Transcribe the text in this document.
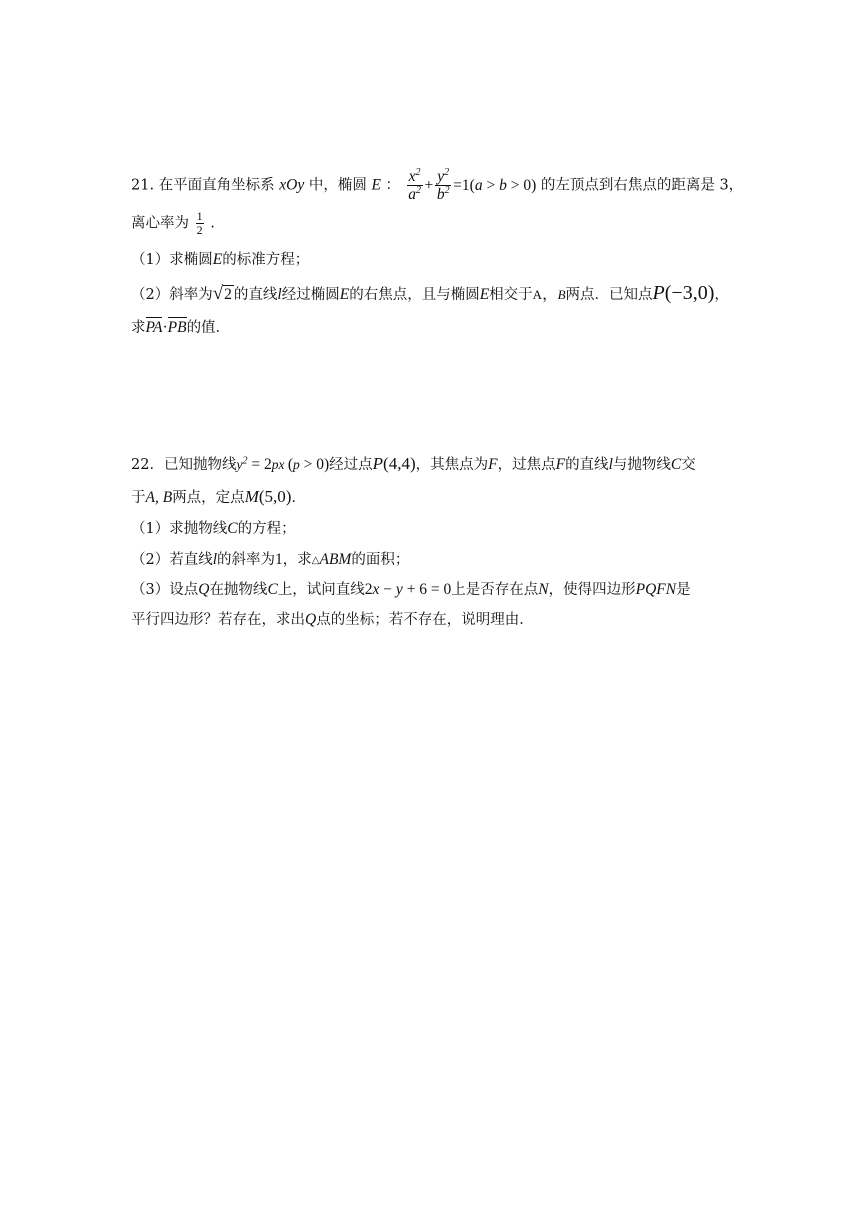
21. 在平面直角坐标系 xOy 中，椭圆 E ： $\frac{x^2}{a^2} + \frac{y^2}{b^2} =1(a > b > 0)$ 的左顶点到右焦点的距离是 3，
离心率为 $\frac{1}{2}$ .
（1）求椭圆E的标准方程；
（2）斜率为√2 的直线l经过椭圆E的右焦点，且与椭圆E相交于A，B两点．已知点P(−3,0)，
求PA·PB的值．
22．已知抛物线$y^2 = 2px$ (p > 0)经过点P(4,4)，其焦点为F，过焦点F的直线l与抛物线C交
于A, B两点，定点M(5,0)．
（1）求抛物线C的方程；
（2）若直线l的斜率为1，求△ABM的面积；
（3）设点Q在抛物线C上，试问直线2x − y + 6 = 0上是否存在点N，使得四边形PQFN是
平行四边形？若存在，求出Q点的坐标；若不存在，说明理由．
